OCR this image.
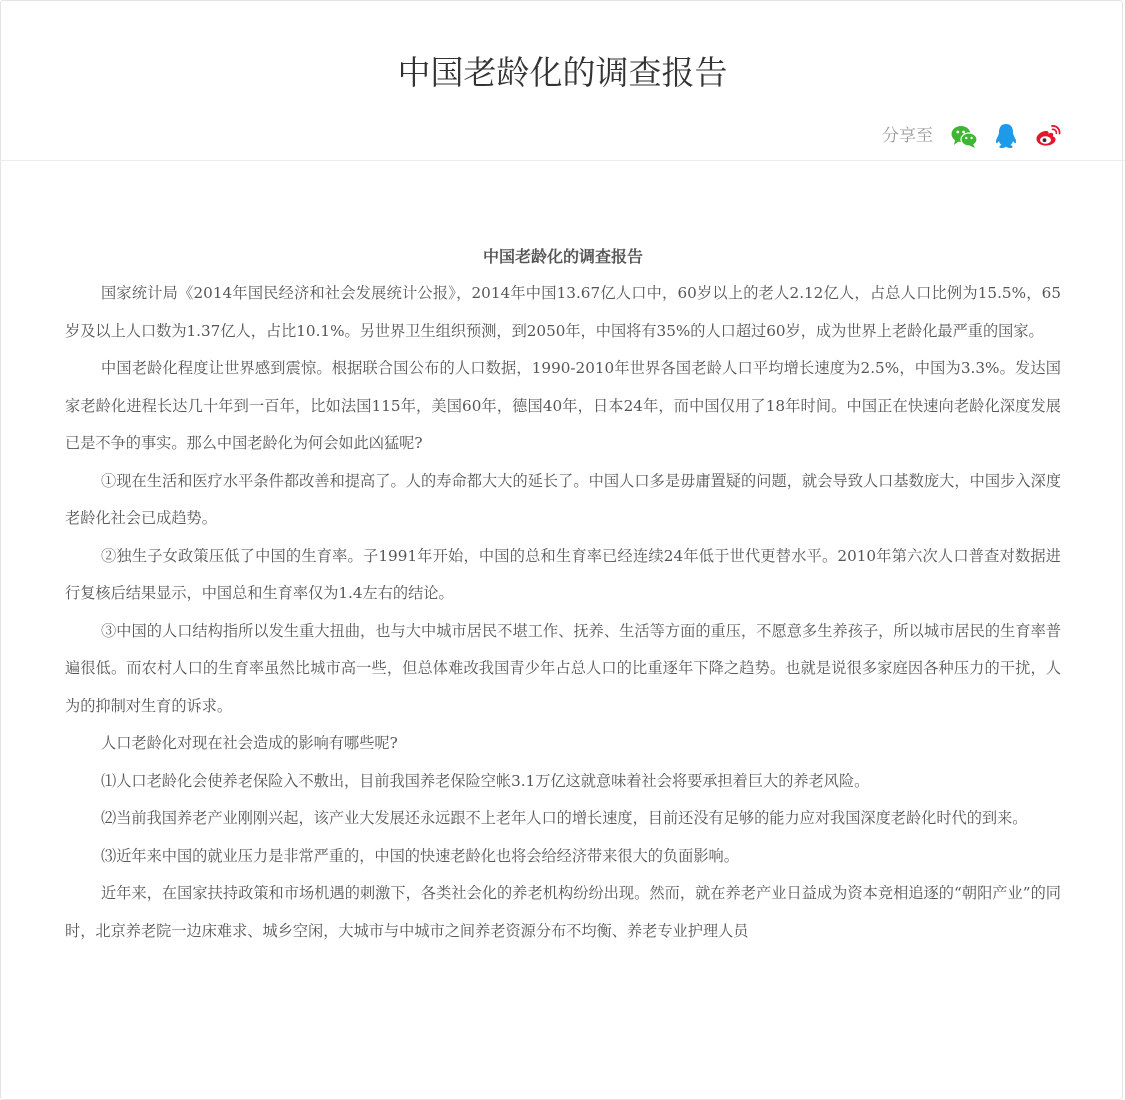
中国老龄化的调查报告
分享至
中国老龄化的调查报告

国家统计局《2014年国民经济和社会发展统计公报》，2014年中国13.67亿人口中，60岁以上的老人2.12亿人，占总人口比例为15.5%，65岁及以上人口数为1.37亿人，占比10.1%。另世界卫生组织预测，到2050年，中国将有35%的人口超过60岁，成为世界上老龄化最严重的国家。

中国老龄化程度让世界感到震惊。根据联合国公布的人口数据，1990-2010年世界各国老龄人口平均增长速度为2.5%，中国为3.3%。发达国家老龄化进程长达几十年到一百年，比如法国115年，美国60年，德国40年，日本24年，而中国仅用了18年时间。中国正在快速向老龄化深度发展已是不争的事实。那么中国老龄化为何会如此凶猛呢?

①现在生活和医疗水平条件都改善和提高了。人的寿命都大大的延长了。中国人口多是毋庸置疑的问题，就会导致人口基数庞大，中国步入深度老龄化社会已成趋势。

②独生子女政策压低了中国的生育率。子1991年开始，中国的总和生育率已经连续24年低于世代更替水平。2010年第六次人口普查对数据进行复核后结果显示，中国总和生育率仅为1.4左右的结论。

③中国的人口结构指所以发生重大扭曲，也与大中城市居民不堪工作、抚养、生活等方面的重压，不愿意多生养孩子，所以城市居民的生育率普遍很低。而农村人口的生育率虽然比城市高一些，但总体难改我国青少年占总人口的比重逐年下降之趋势。也就是说很多家庭因各种压力的干扰，人为的抑制对生育的诉求。

人口老龄化对现在社会造成的影响有哪些呢?

⑴人口老龄化会使养老保险入不敷出，目前我国养老保险空帐3.1万亿这就意味着社会将要承担着巨大的养老风险。

⑵当前我国养老产业刚刚兴起，该产业大发展还永远跟不上老年人口的增长速度，目前还没有足够的能力应对我国深度老龄化时代的到来。

⑶近年来中国的就业压力是非常严重的，中国的快速老龄化也将会给经济带来很大的负面影响。

近年来，在国家扶持政策和市场机遇的刺激下，各类社会化的养老机构纷纷出现。然而，就在养老产业日益成为资本竞相追逐的“朝阳产业”的同时，北京养老院一边床难求、城乡空闲，大城市与中城市之间养老资源分布不均衡、养老专业护理人员
